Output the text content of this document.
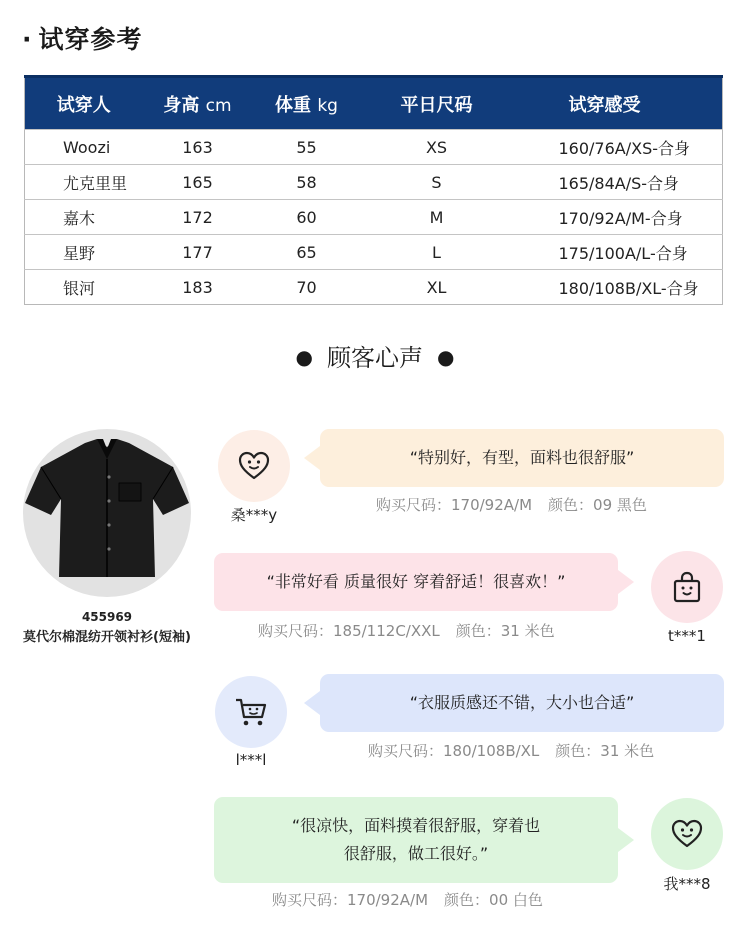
· 试穿参考
试穿人	身高 cm	体重 kg	平日尺码	试穿感受
Woozi	163	55	XS	160/76A/XS-合身
尤克里里	165	58	S	165/84A/S-合身
嘉木	172	60	M	170/92A/M-合身
星野	177	65	L	175/100A/L-合身
银河	183	70	XL	180/108B/XL-合身
● 顾客心声 ●
455969
莫代尔棉混纺开领衬衫(短袖)
桑***y
“特别好，有型，面料也很舒服”
购买尺码：170/92A/M 颜色：09 黑色
“非常好看 质量很好 穿着舒适！很喜欢！”
t***1
购买尺码：185/112C/XXL 颜色：31 米色
l***l
“衣服质感还不错，大小也合适”
购买尺码：180/108B/XL 颜色：31 米色
“很凉快，面料摸着很舒服，穿着也
很舒服，做工很好。”
我***8
购买尺码：170/92A/M 颜色：00 白色
